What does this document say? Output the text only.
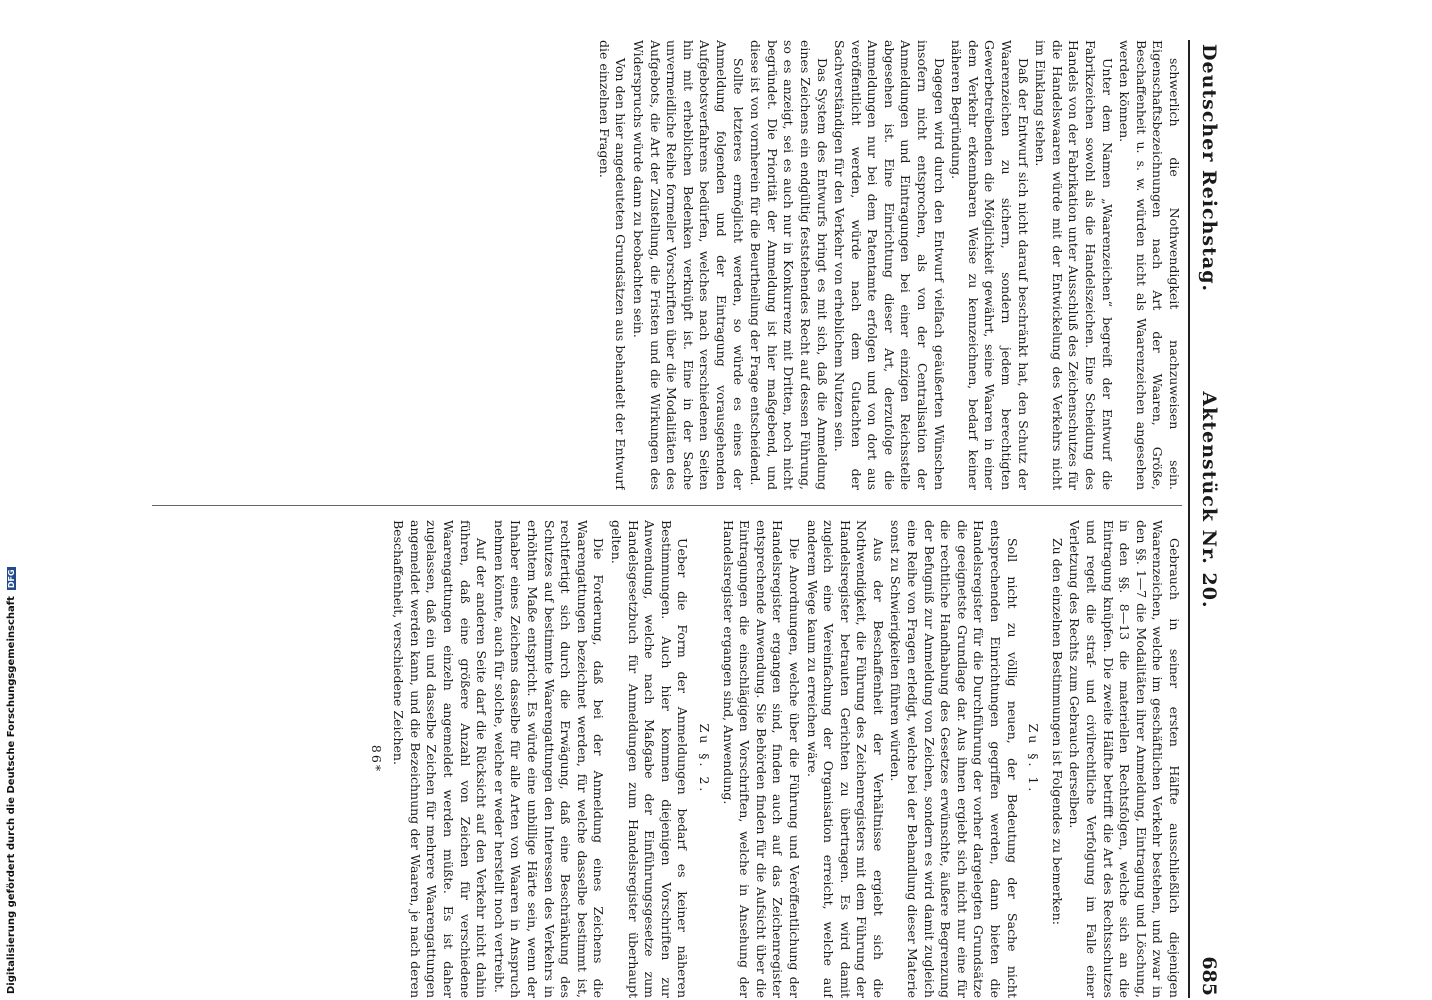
Deutscher Reichstag.
Aktenstück Nr. 20.
685

schwerlich die Nothwendigkeit nachzuweisen sein. Eigenschaftsbezeichnungen nach Art der Waaren, Größe, Beschaffenheit u. s. w. würden nicht als Waarenzeichen angesehen werden können.

Unter dem Namen „Waarenzeichen“ begreift der Entwurf die Fabrikzeichen sowohl als die Handelszeichen. Eine Scheidung des Handels von der Fabrikation unter Ausschluß des Zeichenschutzes für die Handelswaaren würde mit der Entwickelung des Verkehrs nicht im Einklang stehen.

Daß der Entwurf sich nicht darauf beschränkt hat, den Schutz der Waarenzeichen zu sichern, sondern jedem berechtigten Gewerbetreibenden die Möglichkeit gewährt, seine Waaren in einer dem Verkehr erkennbaren Weise zu kennzeichnen, bedarf keiner näheren Begründung.

Dagegen wird durch den Entwurf vielfach geäußerten Wünschen insofern nicht entsprochen, als von der Centralisation der Anmeldungen und Eintragungen bei einer einzigen Reichsstelle abgesehen ist. Eine Einrichtung dieser Art, derzufolge die Anmeldungen nur bei dem Patentamte erfolgen und von dort aus veröffentlicht werden, würde nach dem Gutachten der Sachverständigen für den Verkehr von erheblichem Nutzen sein.

Das System des Entwurfs bringt es mit sich, daß die Anmeldung eines Zeichens ein endgültig feststehendes Recht auf dessen Führung, so es anzeigt, sei es auch nur in Konkurrenz mit Dritten, noch nicht begründet. Die Priorität der Anmeldung ist hier maßgebend, und diese ist von vornherein für die Beurtheilung der Frage entscheidend.

Sollte letzteres ermöglicht werden, so würde es eines der Anmeldung folgenden und der Eintragung vorausgehenden Aufgebotsverfahrens bedürfen, welches nach verschiedenen Seiten hin mit erheblichen Bedenken verknüpft ist. Eine in der Sache unvermeidliche Reihe formeller Vorschriften über die Modalitäten des Aufgebots, die Art der Zustellung, die Fristen und die Wirkungen des Widerspruchs würde dann zu beobachten sein.

Von den hier angedeuteten Grundsätzen aus behandelt der Entwurf die einzelnen Fragen.

Gebrauch in seiner ersten Hälfte ausschließlich diejenigen Waarenzeichen, welche im geschäftlichen Verkehr bestehen, und zwar in den §§. 1—7 die Modalitäten ihrer Anmeldung, Eintragung und Löschung, in den §§. 8—13 die materiellen Rechtsfolgen, welche sich an die Eintragung knüpfen. Die zweite Hälfte betrifft die Art des Rechtsschutzes und regelt die straf- und civilrechtliche Verfolgung im Falle einer Verletzung des Rechts zum Gebrauch derselben.

Zu den einzelnen Bestimmungen ist Folgendes zu bemerken:

Zu §. 1.

Soll nicht zu völlig neuen, der Bedeutung der Sache nicht entsprechenden Einrichtungen gegriffen werden, dann bieten die Handelsregister für die Durchführung der vorher dargelegten Grundsätze die geeignetste Grundlage dar. Aus ihnen ergiebt sich nicht nur eine für die rechtliche Handhabung des Gesetzes erwünschte, äußere Begrenzung der Befugniß zur Anmeldung von Zeichen, sondern es wird damit zugleich eine Reihe von Fragen erledigt, welche bei der Behandlung dieser Materie sonst zu Schwierigkeiten führen würden.

Aus der Beschaffenheit der Verhältnisse ergiebt sich die Nothwendigkeit, die Führung des Zeichenregisters mit dem Führung der Handelsregister betrauten Gerichten zu übertragen. Es wird damit zugleich eine Vereinfachung der Organisation erreicht, welche auf anderem Wege kaum zu erreichen wäre.

Die Anordnungen, welche über die Führung und Veröffentlichung der Handelsregister ergangen sind, finden auch auf das Zeichenregister entsprechende Anwendung. Sie Behörden finden für die Aufsicht über die Eintragungen die einschlägigen Vorschriften, welche in Ansehung der Handelsregister ergangen sind, Anwendung.

Zu §. 2.

Ueber die Form der Anmeldungen bedarf es keiner näheren Bestimmungen. Auch hier kommen diejenigen Vorschriften zur Anwendung, welche nach Maßgabe der Einführungsgesetze zum Handelsgesetzbuch für Anmeldungen zum Handelsregister überhaupt gelten.

Die Forderung, daß bei der Anmeldung eines Zeichens die Waarengattungen bezeichnet werden, für welche dasselbe bestimmt ist, rechtfertigt sich durch die Erwägung, daß eine Beschränkung des Schutzes auf bestimmte Waarengattungen den Interessen des Verkehrs in erhöhtem Maße entspricht. Es würde eine unbillige Härte sein, wenn der Inhaber eines Zeichens dasselbe für alle Arten von Waaren in Anspruch nehmen könnte, auch für solche, welche er weder herstellt noch vertreibt.

Auf der anderen Seite darf die Rücksicht auf den Verkehr nicht dahin führen, daß eine größere Anzahl von Zeichen für verschiedene Waarengattungen einzeln angemeldet werden müßte. Es ist daher zugelassen, daß ein und dasselbe Zeichen für mehrere Waarengattungen angemeldet werden kann, und die Bezeichnung der Waaren, je nach deren Beschaffenheit, verschiedene Zeichen.

86*

Digitalisierung gefördert durch die Deutsche ForschungsgemeinschaftDFG
